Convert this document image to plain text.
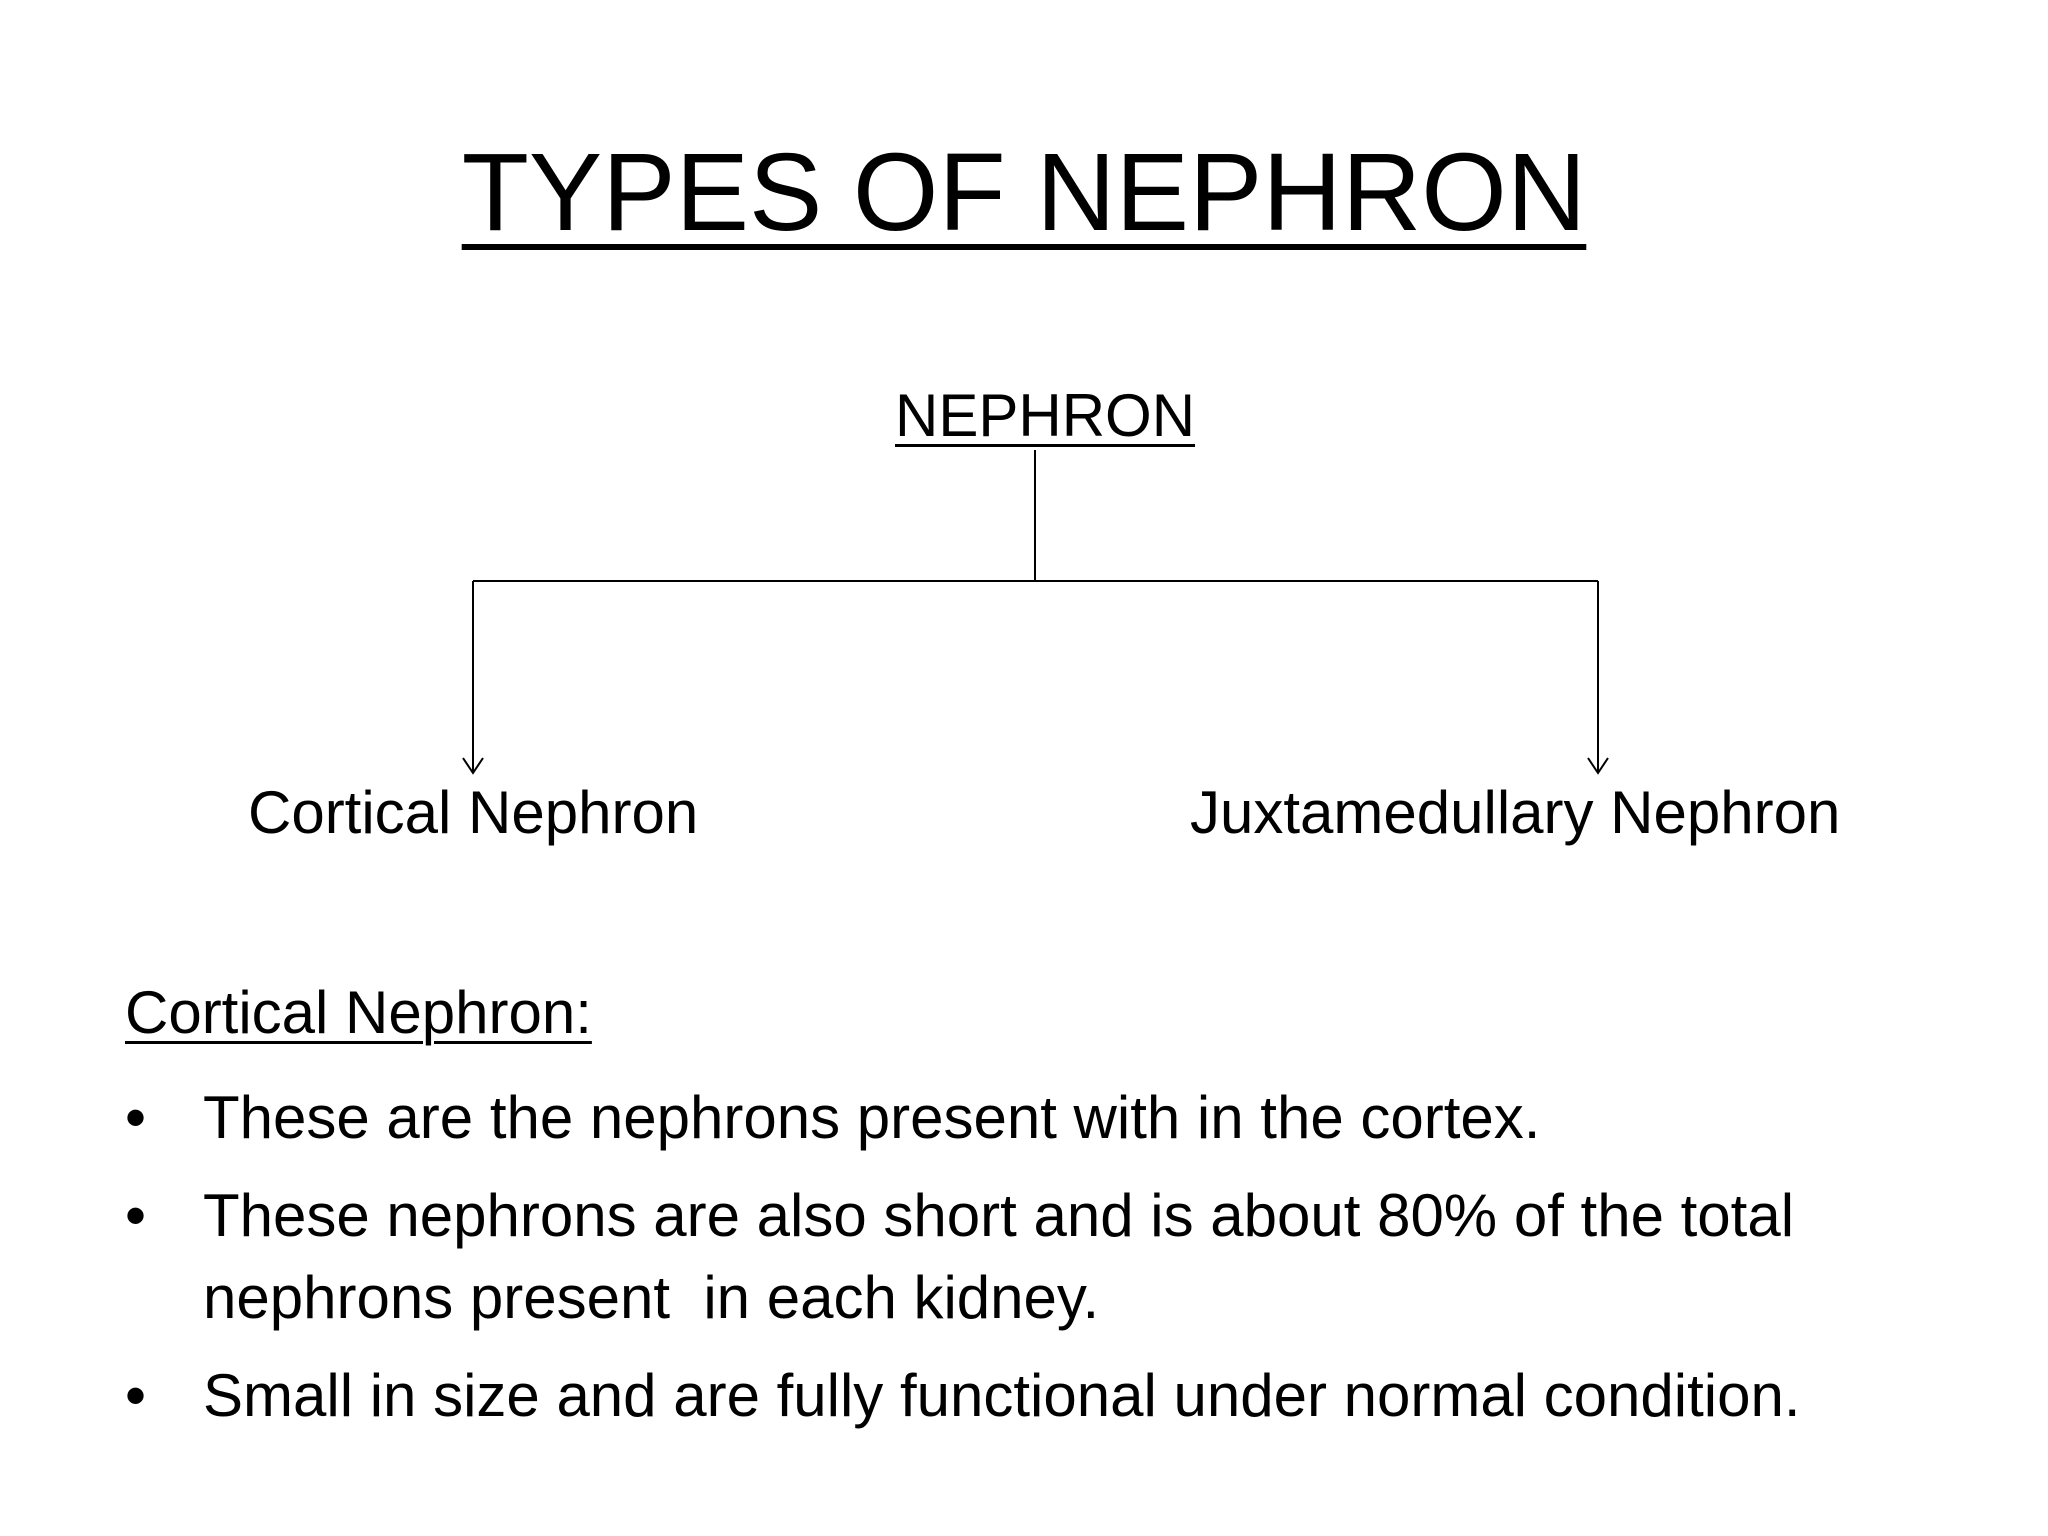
TYPES OF NEPHRON
NEPHRON
Cortical Nephron	Juxtamedullary Nephron
Cortical Nephron:
• These are the nephrons present with in the cortex.
• These nephrons are also short and is about 80% of the total nephrons present  in each kidney.
• Small in size and are fully functional under normal condition.
